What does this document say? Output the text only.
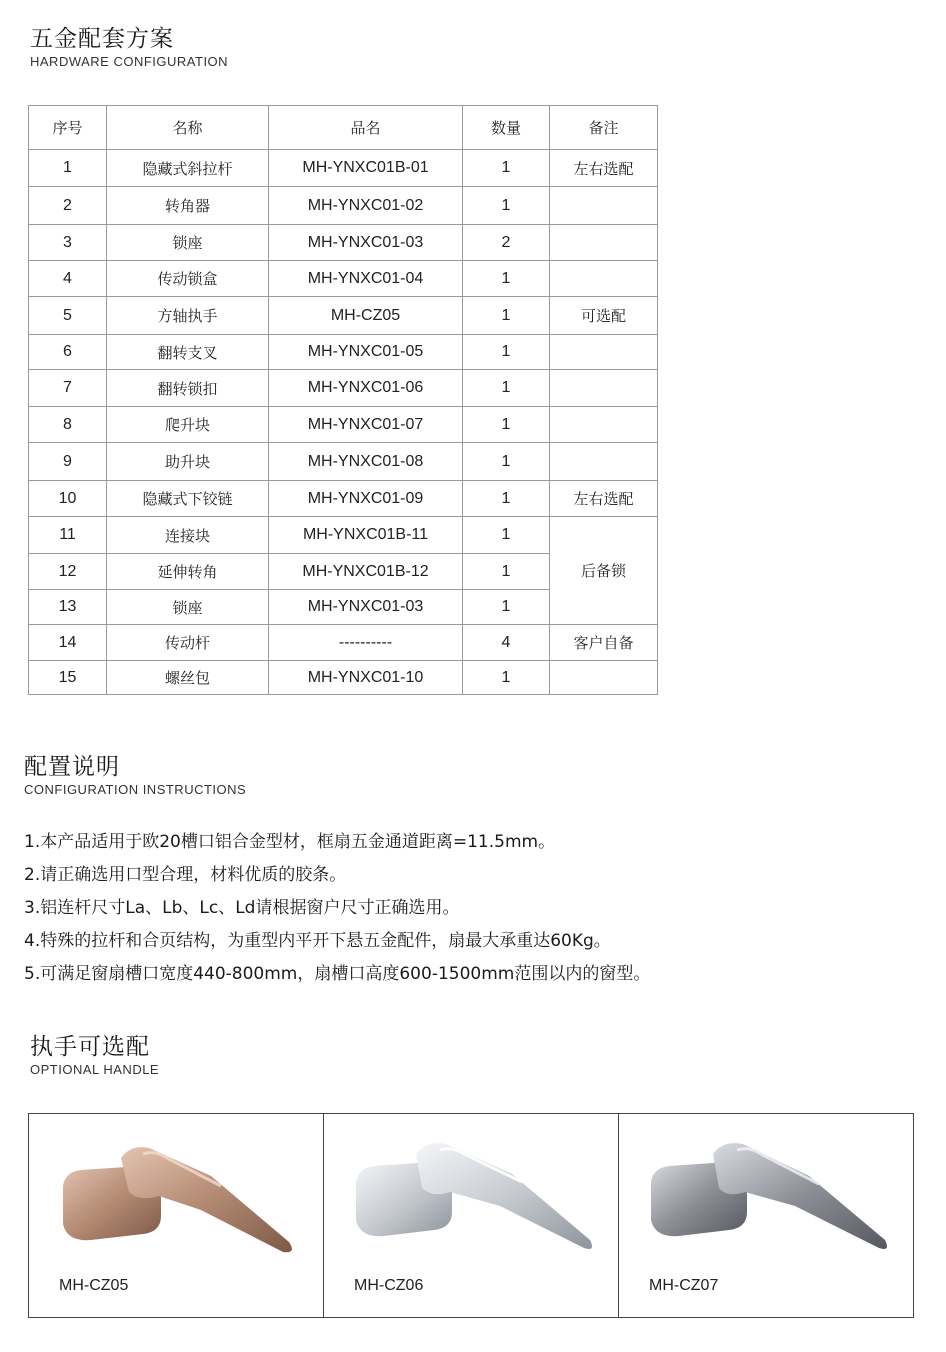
五金配套方案
HARDWARE CONFIGURATION
序号	名称	品名	数量	备注
1	隐藏式斜拉杆	MH-YNXC01B-01	1	左右选配
2	转角器	MH-YNXC01-02	1	
3	锁座	MH-YNXC01-03	2	
4	传动锁盒	MH-YNXC01-04	1	
5	方轴执手	MH-CZ05	1	可选配
6	翻转支叉	MH-YNXC01-05	1	
7	翻转锁扣	MH-YNXC01-06	1	
8	爬升块	MH-YNXC01-07	1	
9	助升块	MH-YNXC01-08	1	
10	隐藏式下铰链	MH-YNXC01-09	1	左右选配
11	连接块	MH-YNXC01B-11	1	后备锁
12	延伸转角	MH-YNXC01B-12	1	
13	锁座	MH-YNXC01-03	1	
14	传动杆	----------	4	客户自备
15	螺丝包	MH-YNXC01-10	1	
配置说明
CONFIGURATION INSTRUCTIONS
1.本产品适用于欧20槽口铝合金型材，框扇五金通道距离=11.5mm。
2.请正确选用口型合理，材料优质的胶条。
3.铝连杆尺寸La、Lb、Lc、Ld请根据窗户尺寸正确选用。
4.特殊的拉杆和合页结构，为重型内平开下悬五金配件，扇最大承重达60Kg。
5.可满足窗扇槽口宽度440-800mm，扇槽口高度600-1500mm范围以内的窗型。
执手可选配
OPTIONAL HANDLE
MH-CZ05	MH-CZ06	MH-CZ07
